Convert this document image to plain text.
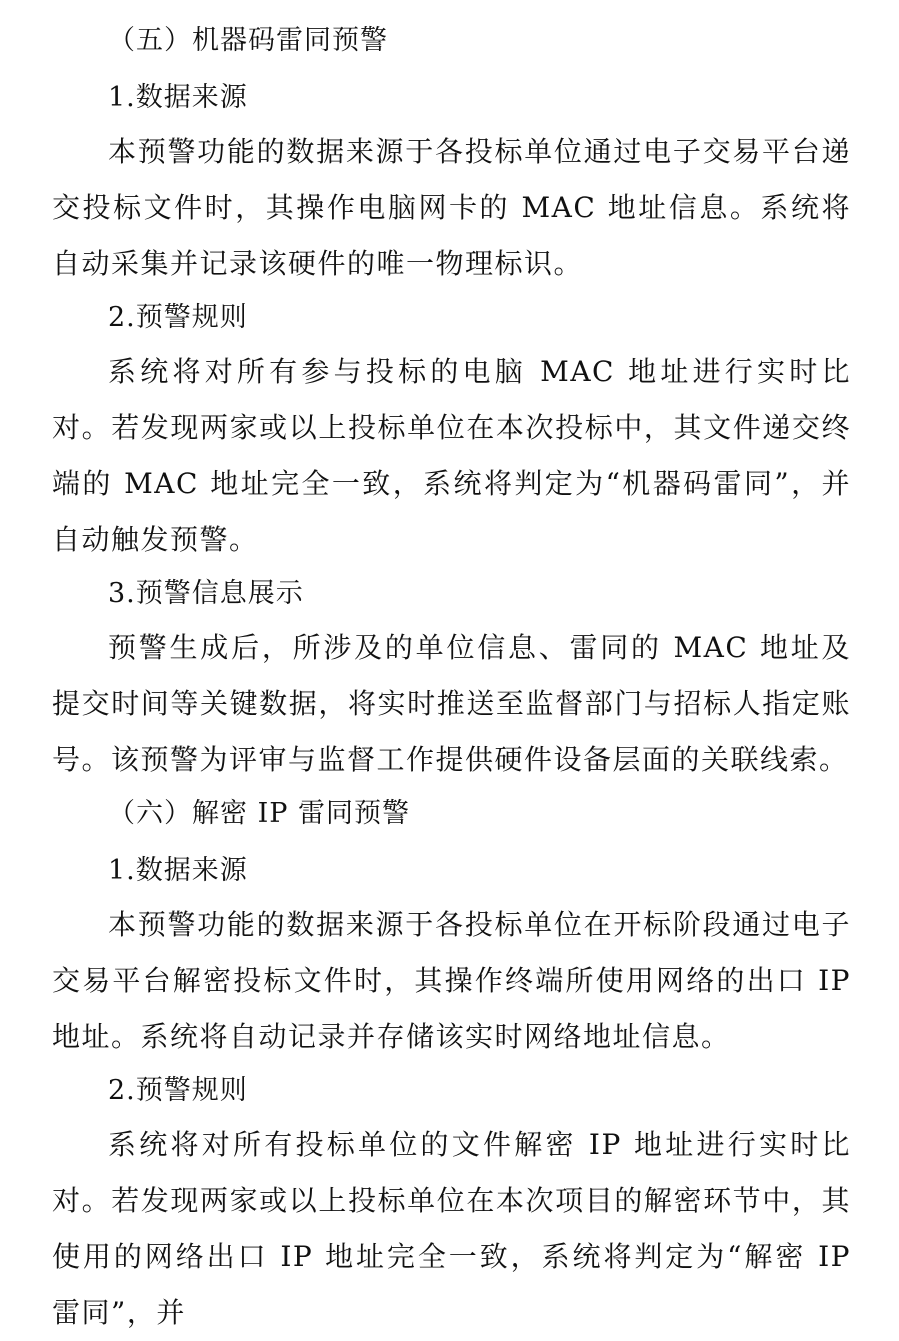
（五）机器码雷同预警
1.数据来源

本预警功能的数据来源于各投标单位通过电子交易平台递交投标文件时，其操作电脑网卡的 MAC 地址信息。系统将自动采集并记录该硬件的唯一物理标识。

2.预警规则

系统将对所有参与投标的电脑 MAC 地址进行实时比对。若发现两家或以上投标单位在本次投标中，其文件递交终端的 MAC 地址完全一致，系统将判定为“机器码雷同”，并自动触发预警。

3.预警信息展示

预警生成后，所涉及的单位信息、雷同的 MAC 地址及提交时间等关键数据，将实时推送至监督部门与招标人指定账号。该预警为评审与监督工作提供硬件设备层面的关联线索。

（六）解密 IP 雷同预警
1.数据来源

本预警功能的数据来源于各投标单位在开标阶段通过电子交易平台解密投标文件时，其操作终端所使用网络的出口 IP 地址。系统将自动记录并存储该实时网络地址信息。

2.预警规则

系统将对所有投标单位的文件解密 IP 地址进行实时比对。若发现两家或以上投标单位在本次项目的解密环节中，其使用的网络出口 IP 地址完全一致，系统将判定为“解密 IP 雷同”，并
